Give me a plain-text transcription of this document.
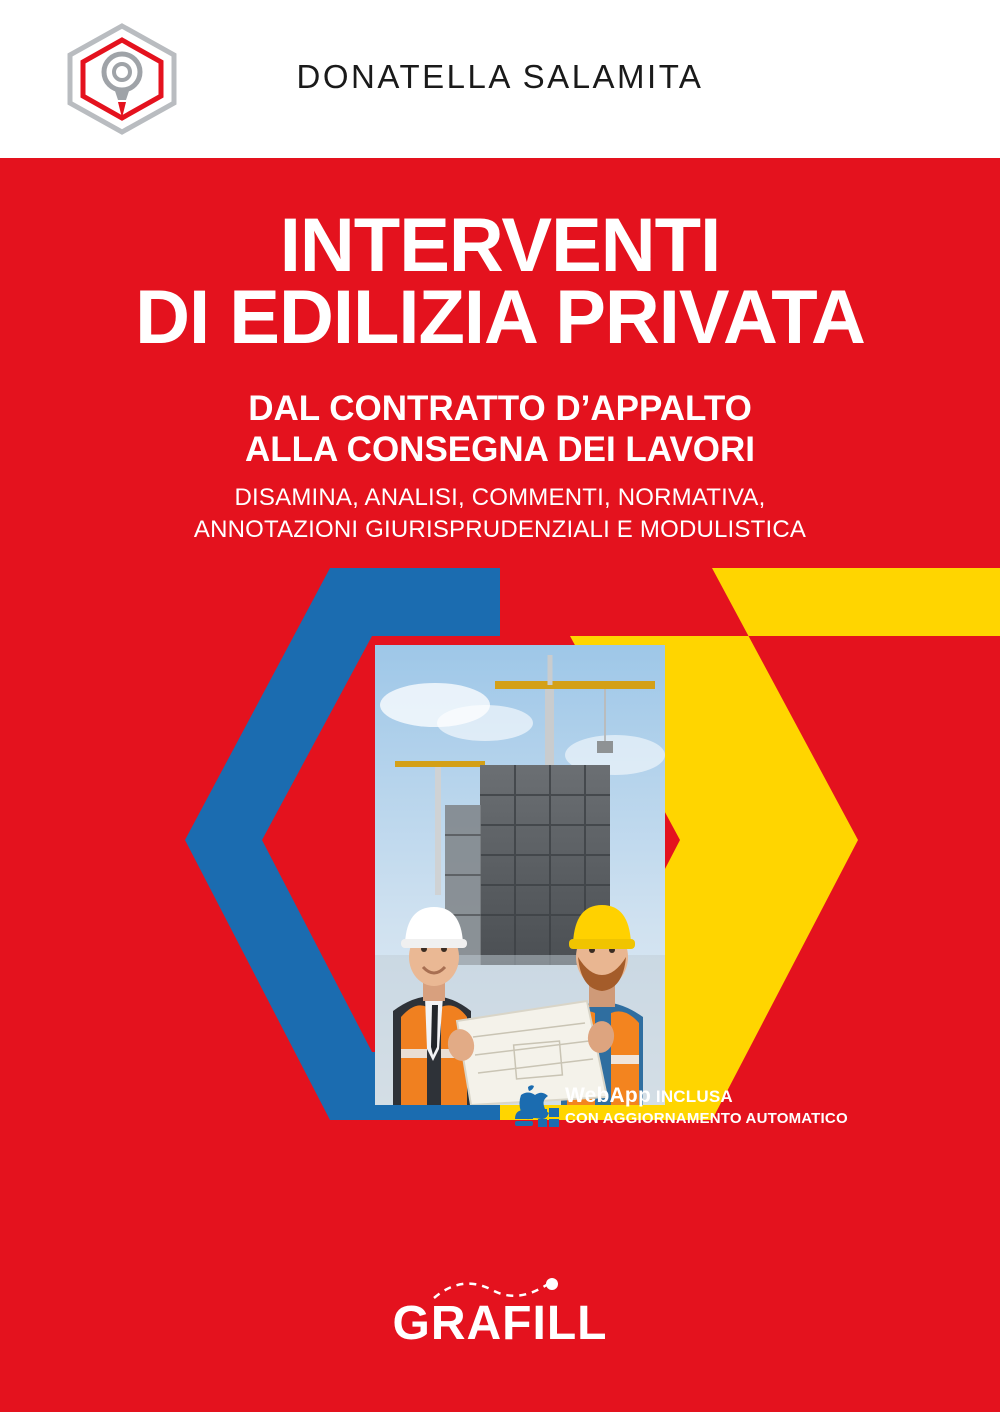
DONATELLA SALAMITA
INTERVENTI
DI EDILIZIA PRIVATA
DAL CONTRATTO D’APPALTO
ALLA CONSEGNA DEI LAVORI
DISAMINA, ANALISI, COMMENTI, NORMATIVA,
ANNOTAZIONI GIURISPRUDENZIALI E MODULISTICA
WebApp INCLUSA
CON AGGIORNAMENTO AUTOMATICO
GRAFILL
